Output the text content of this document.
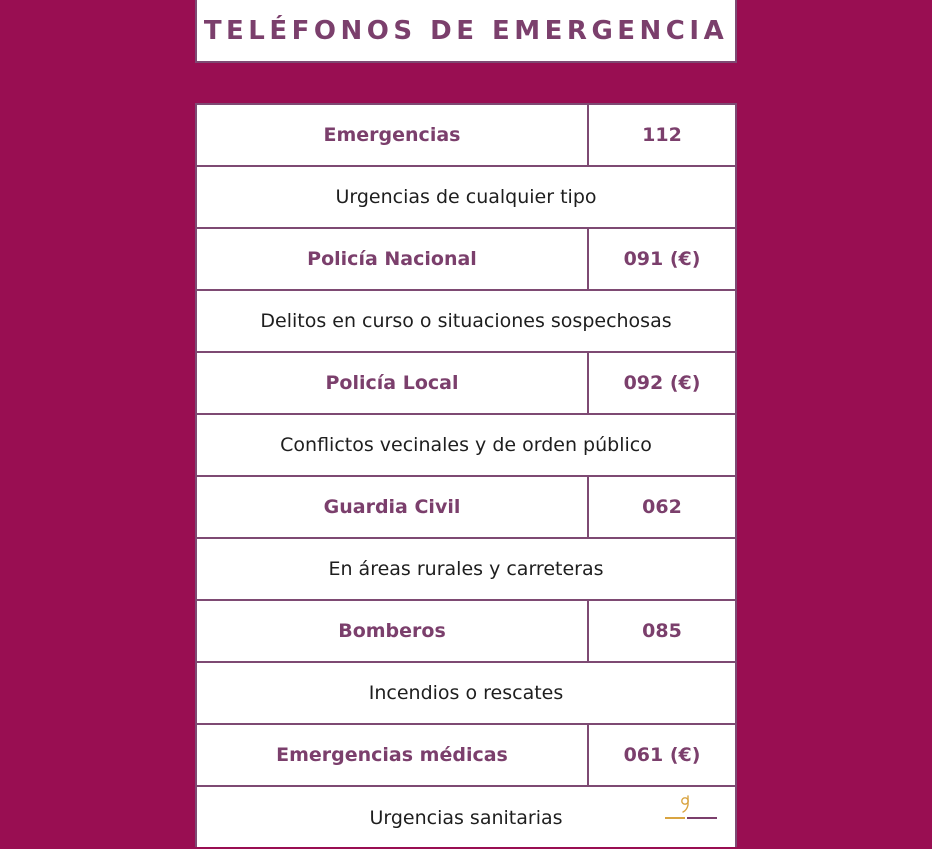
TELÉFONOS DE EMERGENCIA
Emergencias	112
Urgencias de cualquier tipo
Policía Nacional	091 (€)
Delitos en curso o situaciones sospechosas
Policía Local	092 (€)
Conflictos vecinales y de orden público
Guardia Civil	062
En áreas rurales y carreteras
Bomberos	085
Incendios o rescates
Emergencias médicas	061 (€)
Urgencias sanitarias
